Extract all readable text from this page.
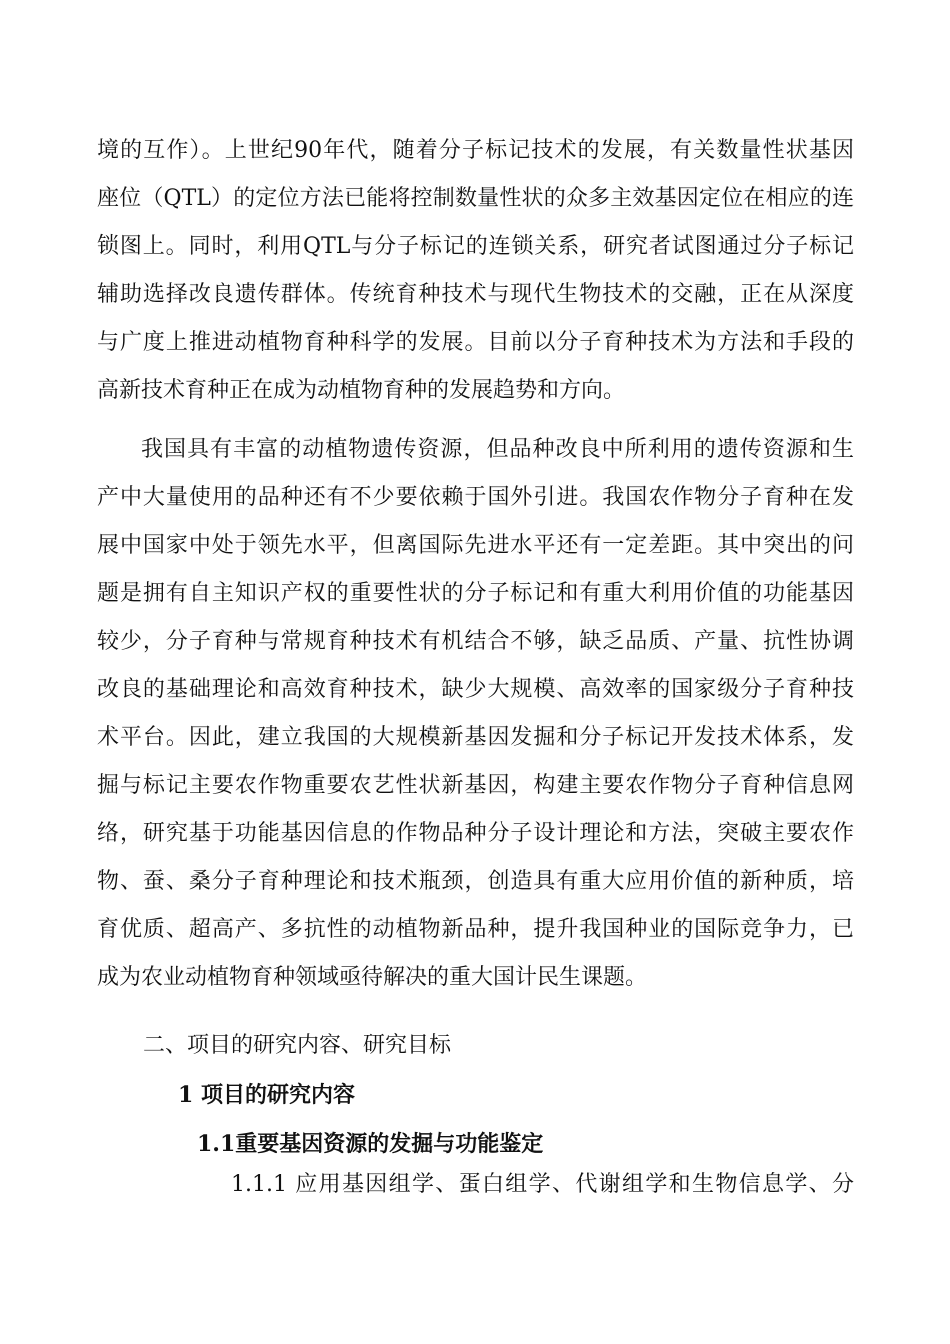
境的互作）。上世纪90年代，随着分子标记技术的发展，有关数量性状基因
座位（QTL）的定位方法已能将控制数量性状的众多主效基因定位在相应的连
锁图上。同时，利用QTL与分子标记的连锁关系，研究者试图通过分子标记
辅助选择改良遗传群体。传统育种技术与现代生物技术的交融，正在从深度
与广度上推进动植物育种科学的发展。目前以分子育种技术为方法和手段的
高新技术育种正在成为动植物育种的发展趋势和方向。
我国具有丰富的动植物遗传资源，但品种改良中所利用的遗传资源和生
产中大量使用的品种还有不少要依赖于国外引进。我国农作物分子育种在发
展中国家中处于领先水平，但离国际先进水平还有一定差距。其中突出的问
题是拥有自主知识产权的重要性状的分子标记和有重大利用价值的功能基因
较少，分子育种与常规育种技术有机结合不够，缺乏品质、产量、抗性协调
改良的基础理论和高效育种技术，缺少大规模、高效率的国家级分子育种技
术平台。因此，建立我国的大规模新基因发掘和分子标记开发技术体系，发
掘与标记主要农作物重要农艺性状新基因，构建主要农作物分子育种信息网
络，研究基于功能基因信息的作物品种分子设计理论和方法，突破主要农作
物、蚕、桑分子育种理论和技术瓶颈，创造具有重大应用价值的新种质，培
育优质、超高产、多抗性的动植物新品种，提升我国种业的国际竞争力，已
成为农业动植物育种领域亟待解决的重大国计民生课题。

二、项目的研究内容、研究目标

1 项目的研究内容

1.1重要基因资源的发掘与功能鉴定

1.1.1 应用基因组学、蛋白组学、代谢组学和生物信息学、分
